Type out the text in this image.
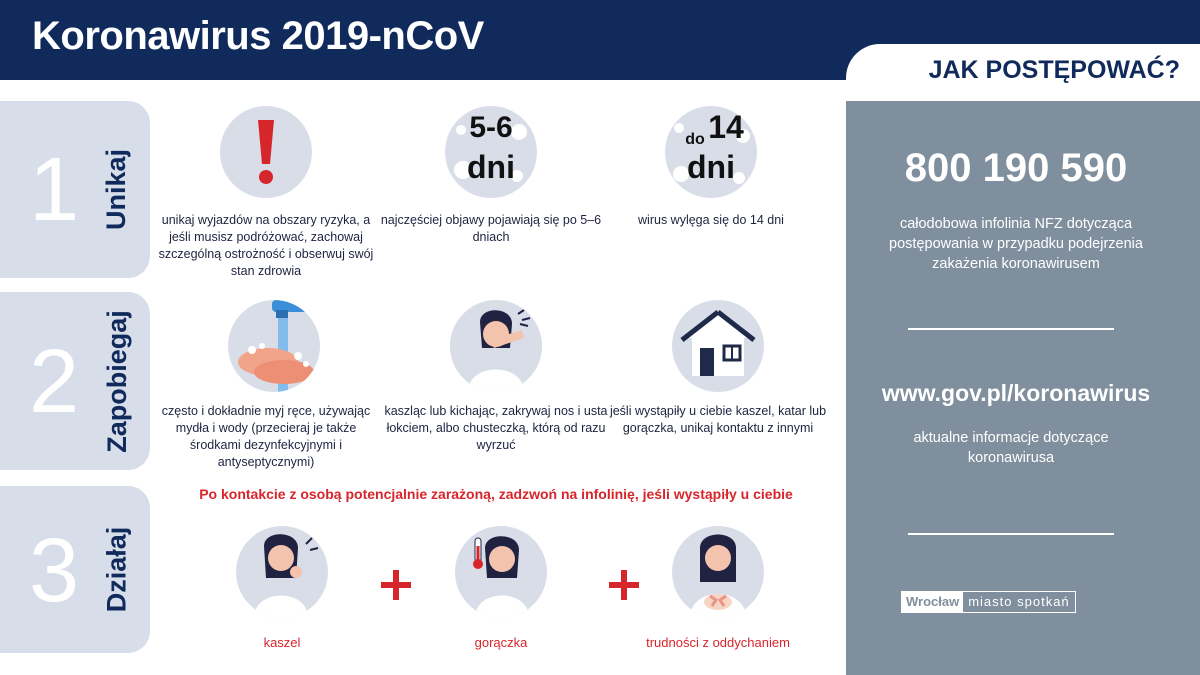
Koronawirus 2019-nCoV
JAK POSTĘPOWAĆ?
1 Unikaj
2 Zapobiegaj
3 Działaj
unikaj wyjazdów na obszary ryzyka, a jeśli musisz podróżować, zachowaj szczególną ostrożność i obserwuj swój stan zdrowia
5-6
dni
najczęściej objawy pojawiają się po 5–6 dniach
do 14
dni
wirus wylęga się do 14 dni
często i dokładnie myj ręce, używając mydła i wody (przecieraj je także środkami dezynfekcyjnymi i antyseptycznymi)
kaszląc lub kichając, zakrywaj nos i usta łokciem, albo chusteczką, którą od razu wyrzuć
jeśli wystąpiły u ciebie kaszel, katar lub gorączka, unikaj kontaktu z innymi
Po kontakcie z osobą potencjalnie zarażoną, zadzwoń na infolinię, jeśli wystąpiły u ciebie
kaszel	gorączka	trudności z oddychaniem
800 190 590
całodobowa infolinia NFZ dotycząca postępowania w przypadku podejrzenia zakażenia koronawirusem
www.gov.pl/koronawirus
aktualne informacje dotyczące koronawirusa
Wrocław miasto spotkań
